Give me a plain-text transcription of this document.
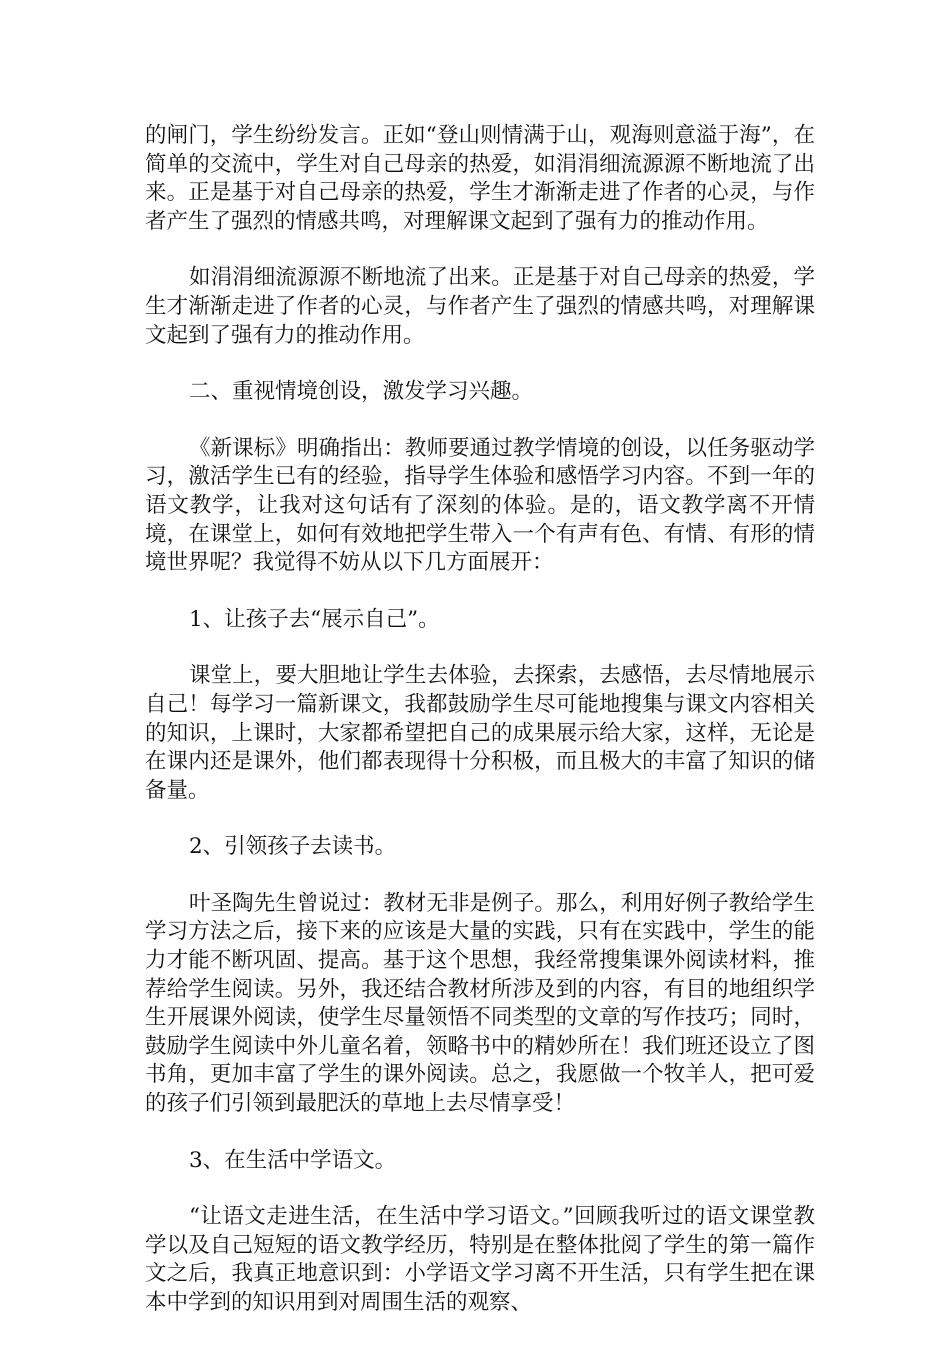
的闸门，学生纷纷发言。正如“登山则情满于山，观海则意溢于海”，在简单的交流中，学生对自己母亲的热爱，如涓涓细流源源不断地流了出来。正是基于对自己母亲的热爱，学生才渐渐走进了作者的心灵，与作者产生了强烈的情感共鸣，对理解课文起到了强有力的推动作用。

如涓涓细流源源不断地流了出来。正是基于对自己母亲的热爱，学生才渐渐走进了作者的心灵，与作者产生了强烈的情感共鸣，对理解课文起到了强有力的推动作用。

二、重视情境创设，激发学习兴趣。

《新课标》明确指出：教师要通过教学情境的创设，以任务驱动学习，激活学生已有的经验，指导学生体验和感悟学习内容。不到一年的语文教学，让我对这句话有了深刻的体验。是的，语文教学离不开情境，在课堂上，如何有效地把学生带入一个有声有色、有情、有形的情境世界呢？我觉得不妨从以下几方面展开：

1、让孩子去“展示自己”。

课堂上，要大胆地让学生去体验，去探索，去感悟，去尽情地展示自己！每学习一篇新课文，我都鼓励学生尽可能地搜集与课文内容相关的知识，上课时，大家都希望把自己的成果展示给大家，这样，无论是在课内还是课外，他们都表现得十分积极，而且极大的丰富了知识的储备量。

2、引领孩子去读书。

叶圣陶先生曾说过：教材无非是例子。那么，利用好例子教给学生学习方法之后，接下来的应该是大量的实践，只有在实践中，学生的能力才能不断巩固、提高。基于这个思想，我经常搜集课外阅读材料，推荐给学生阅读。另外，我还结合教材所涉及到的内容，有目的地组织学生开展课外阅读，使学生尽量领悟不同类型的文章的写作技巧；同时，鼓励学生阅读中外儿童名着，领略书中的精妙所在！我们班还设立了图书角，更加丰富了学生的课外阅读。总之，我愿做一个牧羊人，把可爱的孩子们引领到最肥沃的草地上去尽情享受！

3、在生活中学语文。

“让语文走进生活，在生活中学习语文。”回顾我听过的语文课堂教学以及自己短短的语文教学经历，特别是在整体批阅了学生的第一篇作文之后，我真正地意识到：小学语文学习离不开生活，只有学生把在课本中学到的知识用到对周围生活的观察、
